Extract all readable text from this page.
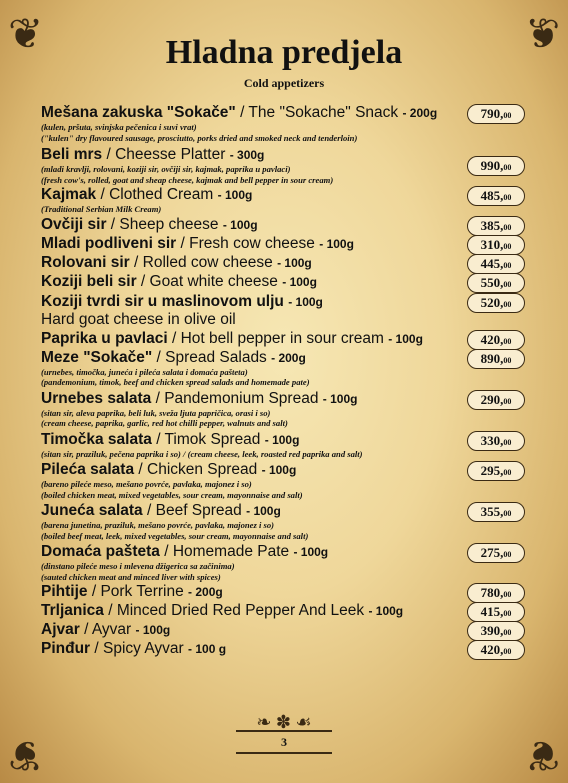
❦	❦
❦	❦
Hladna predjela
Cold appetizers
Mešana zakuska "Sokače" / The "Sokache" Snack - 200g
(kulen, pršuta, svinjska pečenica i suvi vrat)
("kulen" dry flavoured sausage, prosciutto, porks dried and smoked neck and tenderloin)
790,00
Beli mrs / Cheesse Platter - 300g
(mladi kravlji, rolovani, koziji sir, ovčiji sir, kajmak, paprika u pavlaci)
(fresh cow's, rolled, goat and sheap cheese, kajmak and bell pepper in sour cream)
990,00
Kajmak / Clothed Cream - 100g
(Traditional Serbian Milk Cream)
485,00
Ovčiji sir / Sheep cheese - 100g	385,00
Mladi podliveni sir / Fresh cow cheese - 100g	310,00
Rolovani sir / Rolled cow cheese - 100g	445,00
Koziji beli sir / Goat white cheese - 100g	550,00
Koziji tvrdi sir u maslinovom ulju - 100g
Hard goat cheese in olive oil
520,00
Paprika u pavlaci / Hot bell pepper in sour cream - 100g	420,00
Meze "Sokače" / Spread Salads - 200g
(urnebes, timočka, juneća i pileća salata i domaća pašteta)
(pandemonium, timok, beef and chicken spread salads and homemade pate)
890,00
Urnebes salata / Pandemonium Spread - 100g
(sitan sir, aleva paprika, beli luk, sveža ljuta papričica, orasi i so)
(cream cheese, paprika, garlic, red hot chilli pepper, walnuts and salt)
290,00
Timočka salata / Timok Spread - 100g
(sitan sir, praziluk, pečena paprika i so) / (cream cheese, leek, roasted red paprika and salt)
330,00
Pileća salata / Chicken Spread - 100g
(bareno pileće meso, mešano povrće, pavlaka, majonez i so)
(boiled chicken meat, mixed vegetables, sour cream, mayonnaise and salt)
295,00
Juneća salata / Beef Spread - 100g
(barena junetina, praziluk, mešano povrće, pavlaka, majonez i so)
(boiled beef meat, leek, mixed vegetables, sour cream, mayonnaise and salt)
355,00
Domaća pašteta / Homemade Pate - 100g
(dinstano pileće meso i mlevena džigerica sa začinima)
(sauted chicken meat and minced liver with spices)
275,00
Pihtije / Pork Terrine - 200g	780,00
Trljanica / Minced Dried Red Pepper And Leek - 100g	415,00
Ajvar / Ayvar - 100g	390,00
Pinđur / Spicy Ayvar - 100 g	420,00
❧ ✽ ☙
3
